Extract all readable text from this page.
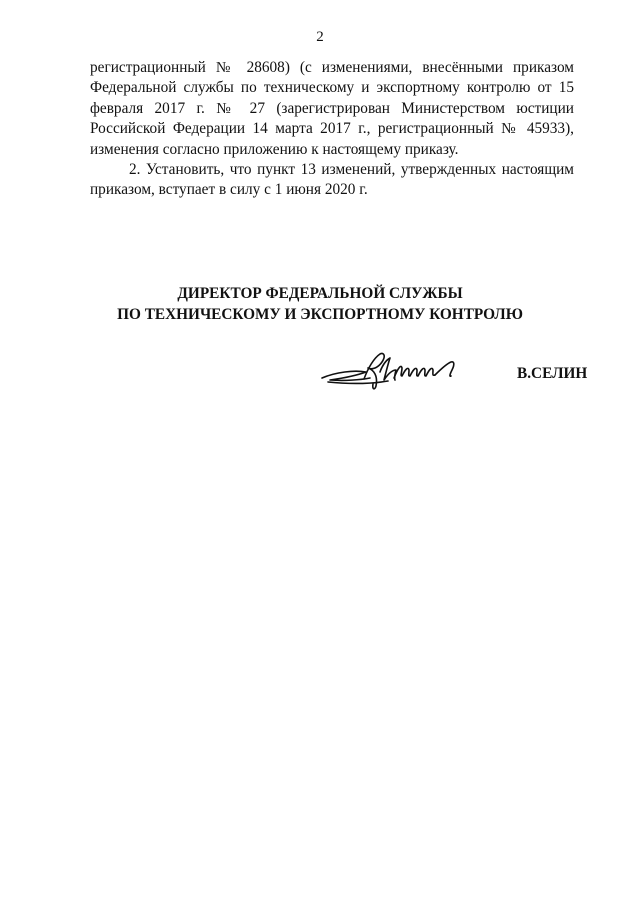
2

регистрационный № 28608) (с изменениями, внесёнными приказом Федеральной службы по техническому и экспортному контролю от 15 февраля 2017 г. № 27 (зарегистрирован Министерством юстиции Российской Федерации 14 марта 2017 г., регистрационный № 45933), изменения согласно приложению к настоящему приказу.

2. Установить, что пункт 13 изменений, утвержденных настоящим приказом, вступает в силу с 1 июня 2020 г.

ДИРЕКТОР ФЕДЕРАЛЬНОЙ СЛУЖБЫ
ПО ТЕХНИЧЕСКОМУ И ЭКСПОРТНОМУ КОНТРОЛЮ
В.СЕЛИН
